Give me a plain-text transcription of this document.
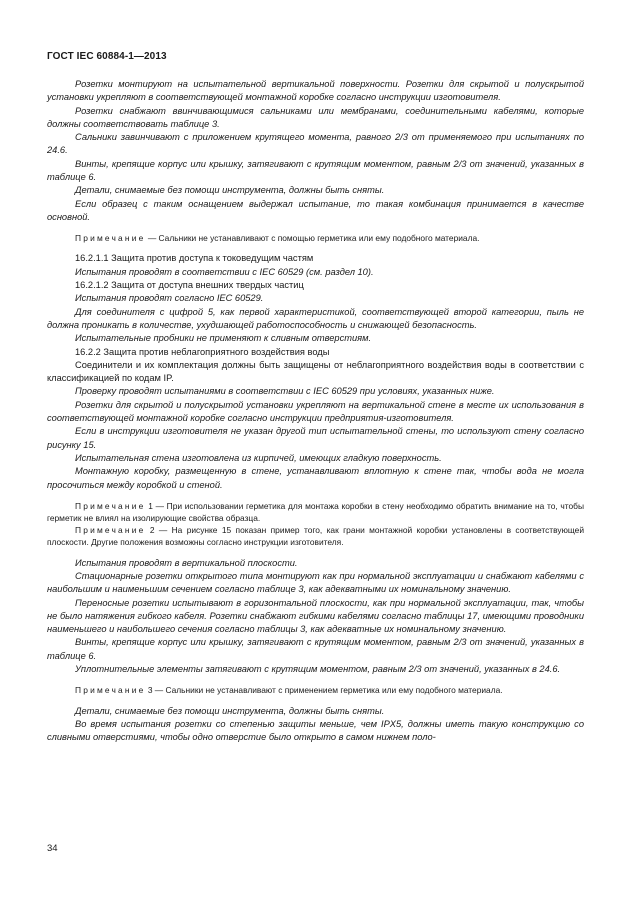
ГОСТ IEC 60884-1—2013

Розетки монтируют на испытательной вертикальной поверхности. Розетки для скрытой и полускрытой установки укрепляют в соответствующей монтажной коробке согласно инструкции изготовителя.

Розетки снабжают ввинчивающимися сальниками или мембранами, соединительными кабелями, которые должны соответствовать таблице 3.

Сальники завинчивают с приложением крутящего момента, равного 2/3 от применяемого при испытаниях по 24.6.

Винты, крепящие корпус или крышку, затягивают с крутящим моментом, равным 2/3 от значений, указанных в таблице 6.

Детали, снимаемые без помощи инструмента, должны быть сняты.

Если образец с таким оснащением выдержал испытание, то такая комбинация принимается в качестве основной.

Примечание — Сальники не устанавливают с помощью герметика или ему подобного материала.

16.2.1.1 Защита против доступа к токоведущим частям

Испытания проводят в соответствии с IEC 60529 (см. раздел 10).

16.2.1.2 Защита от доступа внешних твердых частиц

Испытания проводят согласно IEC 60529.

Для соединителя с цифрой 5, как первой характеристикой, соответствующей второй категории, пыль не должна проникать в количестве, ухудшающей работоспособность и снижающей безопасность.

Испытательные пробники не применяют к сливным отверстиям.

16.2.2 Защита против неблагоприятного воздействия воды

Соединители и их комплектация должны быть защищены от неблагоприятного воздействия воды в соответствии с классификацией по кодам IP.

Проверку проводят испытаниями в соответствии с IEC 60529 при условиях, указанных ниже.

Розетки для скрытой и полускрытой установки укрепляют на вертикальной стене в месте их использования в соответствующей монтажной коробке согласно инструкции предприятия-изготовителя.

Если в инструкции изготовителя не указан другой тип испытательной стены, то используют стену согласно рисунку 15.

Испытательная стена изготовлена из кирпичей, имеющих гладкую поверхность.

Монтажную коробку, размещенную в стене, устанавливают вплотную к стене так, чтобы вода не могла просочиться между коробкой и стеной.

Примечание 1 — При использовании герметика для монтажа коробки в стену необходимо обратить внимание на то, чтобы герметик не влиял на изолирующие свойства образца.

Примечание 2 — На рисунке 15 показан пример того, как грани монтажной коробки установлены в соответствующей плоскости. Другие положения возможны согласно инструкции изготовителя.

Испытания проводят в вертикальной плоскости.

Стационарные розетки открытого типа монтируют как при нормальной эксплуатации и снабжают кабелями с наибольшим и наименьшим сечением согласно таблице 3, как адекватными их номинальному значению.

Переносные розетки испытывают в горизонтальной плоскости, как при нормальной эксплуатации, так, чтобы не было натяжения гибкого кабеля. Розетки снабжают гибкими кабелями согласно таблицы 17, имеющими проводники наименьшего и наибольшего сечения согласно таблицы 3, как адекватные их номинальному значению.

Винты, крепящие корпус или крышку, затягивают с крутящим моментом, равным 2/3 от значений, указанных в таблице 6.

Уплотнительные элементы затягивают с крутящим моментом, равным 2/3 от значений, указанных в 24.6.

Примечание 3 — Сальники не устанавливают с применением герметика или ему подобного материала.

Детали, снимаемые без помощи инструмента, должны быть сняты.

Во время испытания розетки со степенью защиты меньше, чем IPX5, должны иметь такую конструкцию со сливными отверстиями, чтобы одно отверстие было открыто в самом нижнем поло-

34
